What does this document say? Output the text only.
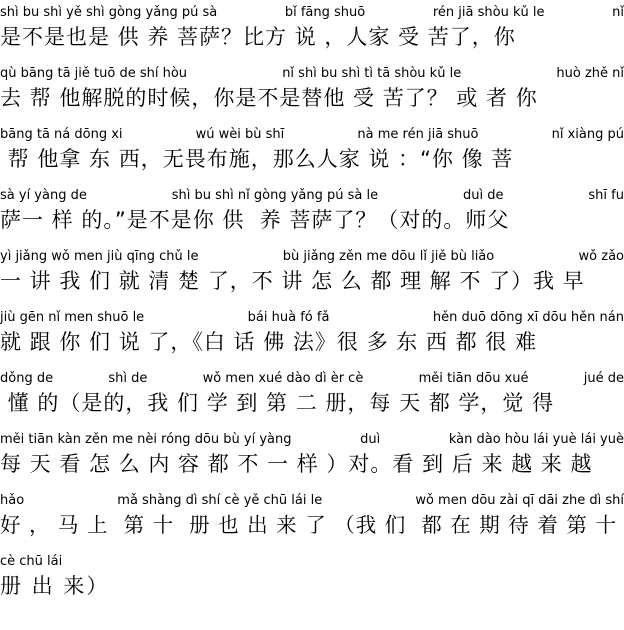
shì bu shì yě shì gòng yǎng pú sà	bǐ fāng shuō	rén jiā shòu kǔ le	nǐ
是不是也是 供 养 菩萨？比方 说 ，人家 受 苦了，你
qù bāng tā jiě tuō de shí hòu	nǐ shì bu shì tì tā shòu kǔ le	huò zhě nǐ
去 帮 他解脱的时候，你是不是替他 受 苦了？ 或 者 你
bāng tā ná dōng xi	wú wèi bù shī	nà me rén jiā shuō	nǐ xiàng pú
帮 他拿 东 西，无畏布施，那么人家 说 ：“你 像 菩
sà yí yàng de	shì bu shì nǐ gòng yǎng pú sà le	duì de	shī fu
萨一 样 的。”是不是你 供  养 菩萨了？（对的。师父
yì jiǎng wǒ men jiù qīng chǔ le	bù jiǎng zěn me dōu lǐ jiě bù liǎo	wǒ zǎo
一 讲 我 们 就 清 楚 了，不 讲 怎 么 都 理 解 不 了）我 早
jiù gēn nǐ men shuō le	bái huà fó fǎ	hěn duō dōng xī dōu hěn nán
就 跟 你 们 说 了，《白 话 佛 法》很 多 东 西 都 很 难
dǒng de	shì de	wǒ men xué dào dì èr cè	měi tiān dōu xué	jué de
懂 的（是的，我 们 学 到 第 二 册，每 天 都 学，觉 得
měi tiān kàn zěn me nèi róng dōu bù yí yàng	duì	kàn dào hòu lái yuè lái yuè
每 天 看 怎 么 内 容 都 不 一 样 ）对。看 到 后 来 越 来 越
hǎo	mǎ shàng dì shí cè yě chū lái le	wǒ men dōu zài qī dāi zhe dì shí
好 ， 马 上  第 十  册 也 出 来 了 （我 们  都 在 期 待 着 第 十
cè chū lái
册 出 来）
